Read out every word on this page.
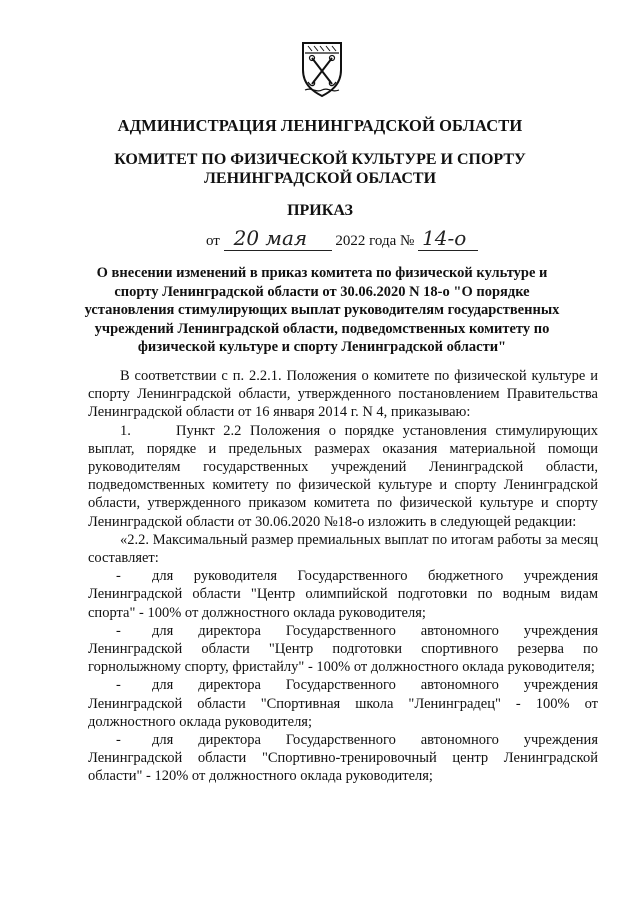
АДМИНИСТРАЦИЯ ЛЕНИНГРАДСКОЙ ОБЛАСТИ
КОМИТЕТ ПО ФИЗИЧЕСКОЙ КУЛЬТУРЕ И СПОРТУ
ЛЕНИНГРАДСКОЙ ОБЛАСТИ
ПРИКАЗ
от 20 мая 2022 года № 14-о
О внесении изменений в приказ комитета по физической культуре и спорту Ленинградской области от 30.06.2020 N 18-о "О порядке установления стимулирующих выплат руководителям государственных учреждений Ленинградской области, подведомственных комитету по физической культуре и спорту Ленинградской области"

В соответствии с п. 2.2.1. Положения о комитете по физической культуре и спорту Ленинградской области, утвержденного постановлением Правительства Ленинградской области от 16 января 2014 г. N 4, приказываю:

1.	Пункт 2.2 Положения о порядке установления стимулирующих выплат, порядке и предельных размерах оказания материальной помощи руководителям государственных учреждений Ленинградской области, подведомственных комитету по физической культуре и спорту Ленинградской области, утвержденного приказом комитета по физической культуре и спорту Ленинградской области от 30.06.2020 №18-о изложить в следующей редакции:

«2.2. Максимальный размер премиальных выплат по итогам работы за месяц составляет:

- для руководителя Государственного бюджетного учреждения Ленинградской области "Центр олимпийской подготовки по водным видам спорта" - 100% от должностного оклада руководителя;

- для директора Государственного автономного учреждения Ленинградской области "Центр подготовки спортивного резерва по горнолыжному спорту, фристайлу" - 100% от должностного оклада руководителя;

- для директора Государственного автономного учреждения Ленинградской области "Спортивная школа "Ленинградец" - 100% от должностного оклада руководителя;

- для директора Государственного автономного учреждения Ленинградской области "Спортивно-тренировочный центр Ленинградской области" - 120% от должностного оклада руководителя;
